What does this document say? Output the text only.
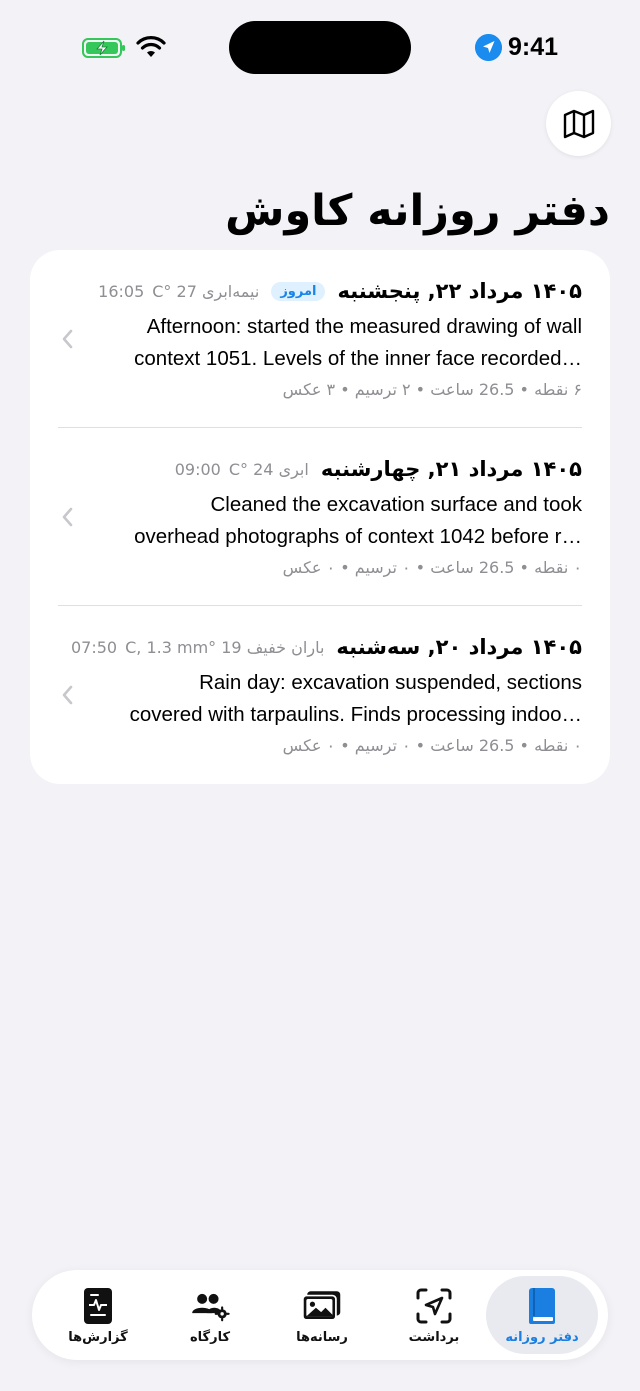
9:41
دفتر روزانه کاوش
۱۴۰۵ مرداد ۲۲, پنجشنبه
امروز
16:05 نیمه‌ابری 27 °C
Afternoon: started the measured drawing of wall
context 1051. Levels of the inner face recorded…
۶ نقطه • 26.5 ساعت • ۲ ترسیم • ۳ عکس
۱۴۰۵ مرداد ۲۱, چهارشنبه
09:00 ابری 24 °C
Cleaned the excavation surface and took
overhead photographs of context 1042 before r…
۰ نقطه • 26.5 ساعت • ۰ ترسیم • ۰ عکس
۱۴۰۵ مرداد ۲۰, سه‌شنبه
07:50 باران خفیف 19 °C, 1.3 mm
Rain day: excavation suspended, sections
covered with tarpaulins. Finds processing indoo…
۰ نقطه • 26.5 ساعت • ۰ ترسیم • ۰ عکس
گزارش‌ها	کارگاه	رسانه‌ها	برداشت	دفتر روزانه
